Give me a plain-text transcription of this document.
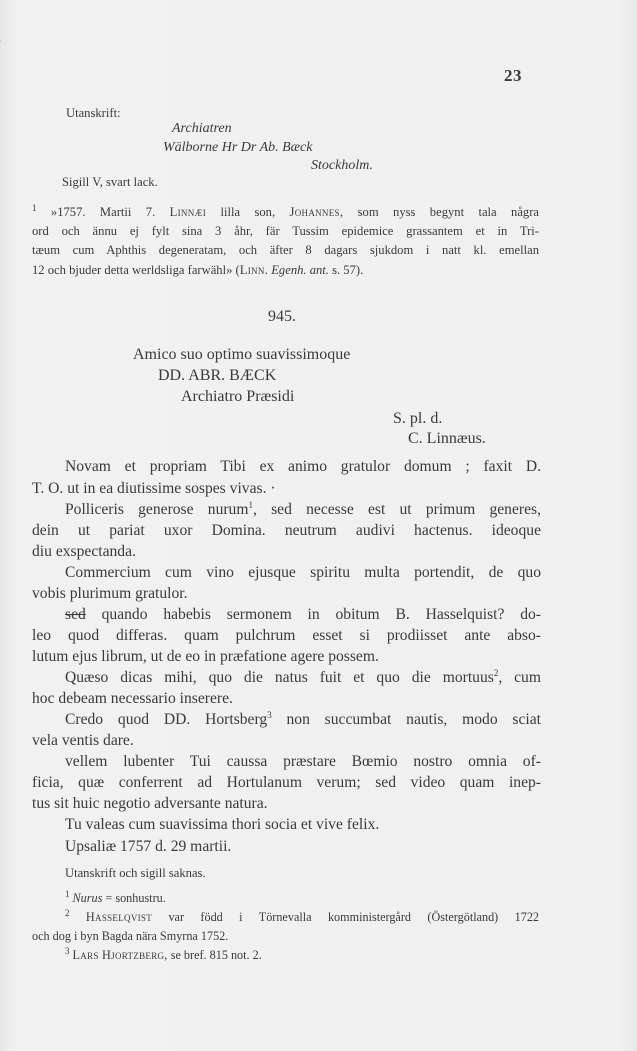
23
Utanskrift:
Archiatren
Wälborne Hr Dr Ab. Bæck
Stockholm.
Sigill V, svart lack.
$^1$ »1757. Martii 7. Linnæi lilla son, Johannes, som nyss begynt tala några
ord och ännu ej fylt sina 3 åhr, fär Tussim epidemice grassantem et in Tri-
tæum cum Aphthis degeneratam, och äfter 8 dagars sjukdom i natt kl. emellan
12 och bjuder detta werldsliga farwähl» (Linn. Egenh. ant. s. 57).
945.
Amico suo optimo suavissimoque
DD. ABR. BÆCK
Archiatro Præsidi
S. pl. d.
C. Linnæus.
Novam et propriam Tibi ex animo gratulor domum ; faxit D.
T. O. ut in ea diutissime sospes vivas. ·
Polliceris generose nurum$^1$, sed necesse est ut primum generes,
dein ut pariat uxor Domina. neutrum audivi hactenus. ideoque
diu exspectanda.
Commercium cum vino ejusque spiritu multa portendit, de quo
vobis plurimum gratulor.
sed quando habebis sermonem in obitum B. Hasselquist? do-
leo quod differas. quam pulchrum esset si prodiisset ante abso-
lutum ejus librum, ut de eo in præfatione agere possem.
Quæso dicas mihi, quo die natus fuit et quo die mortuus$^2$, cum
hoc debeam necessario inserere.
Credo quod DD. Hortsberg$^3$ non succumbat nautis, modo sciat
vela ventis dare.
vellem lubenter Tui caussa præstare Bœmio nostro omnia of-
ficia, quæ conferrent ad Hortulanum verum; sed video quam inep-
tus sit huic negotio adversante natura.
Tu valeas cum suavissima thori socia et vive felix.
Upsaliæ 1757 d. 29 martii.
Utanskrift och sigill saknas.
$^1$ Nurus = sonhustru.
$^2$ Hasselqvist var född i Törnevalla komministergård (Östergötland) 1722
och dog i byn Bagda nära Smyrna 1752.
$^3$ Lars Hjortzberg, se bref. 815 not. 2.
